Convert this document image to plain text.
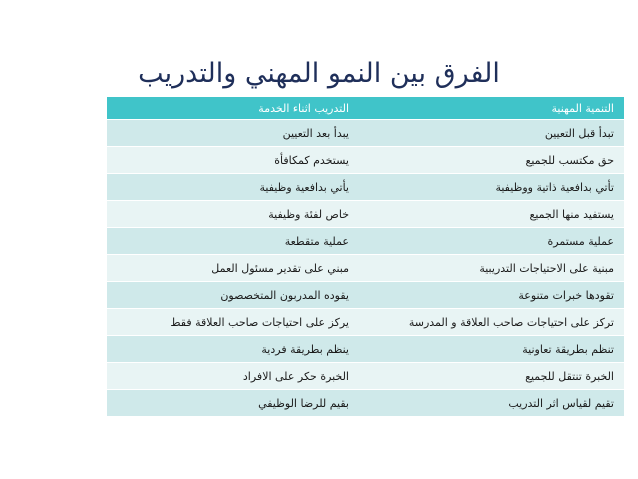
الفرق بين النمو المهني والتدريب
التنمية المهنية	التدريب اثناء الخدمة
تبدأ قبل التعيين	يبدأ بعد التعيين
حق مكتسب للجميع	يستخدم كمكافأة
تأتي بدافعية ذاتية ووظيفية	يأتي بدافعية وظيفية
يستفيد منها الجميع	خاص لفئة وظيفية
عملية مستمرة	عملية متقطعة
مبنية على الاحتياجات التدريبية	مبني على تقدير مسئول العمل
تقودها خبرات متنوعة	يقوده المدربون المتخصصون
تركز على احتياجات صاحب العلاقة و المدرسة	يركز على احتياجات صاحب العلاقة فقط
تنظم بطريقة تعاونية	ينظم بطريقة فردية
الخبرة تنتقل للجميع	الخبرة حكر على الافراد
تقيم لقياس اثر التدريب	بقيم للرضا الوظيفي
